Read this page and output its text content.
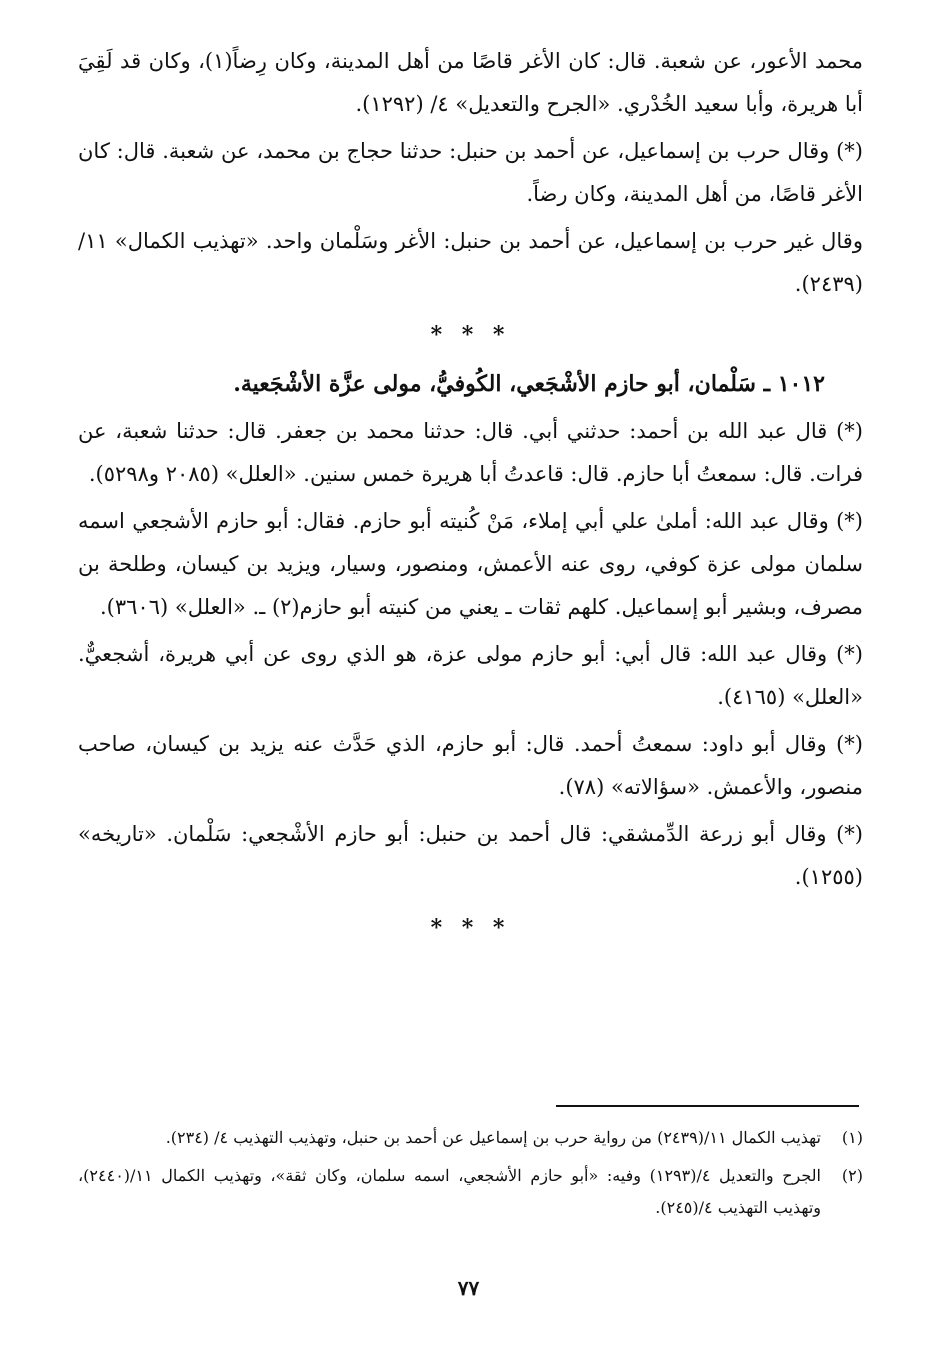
محمد الأعور، عن شعبة. قال: كان الأغر قاصًا من أهل المدينة، وكان رِضاً(١)، وكان قد لَقِيَ أبا هريرة، وأبا سعيد الخُدْري. «الجرح والتعديل» ٤/ (١٢٩٢).

(*) وقال حرب بن إسماعيل، عن أحمد بن حنبل: حدثنا حجاج بن محمد، عن شعبة. قال: كان الأغر قاصًا، من أهل المدينة، وكان رضاً.

وقال غير حرب بن إسماعيل، عن أحمد بن حنبل: الأغر وسَلْمان واحد. «تهذيب الكمال» ١١/ (٢٤٣٩).

* * *
١٠١٢ ـ سَلْمان، أبو حازم الأشْجَعي، الكُوفيُّ، مولى عزَّة الأشْجَعية.

(*) قال عبد الله بن أحمد: حدثني أبي. قال: حدثنا محمد بن جعفر. قال: حدثنا شعبة، عن فرات. قال: سمعتُ أبا حازم. قال: قاعدتُ أبا هريرة خمس سنين. «العلل» (٢٠٨٥ و٥٢٩٨).

(*) وقال عبد الله: أملىٰ علي أبي إملاء، مَنْ كُنيته أبو حازم. فقال: أبو حازم الأشجعي اسمه سلمان مولى عزة كوفي، روى عنه الأعمش، ومنصور، وسيار، ويزيد بن كيسان، وطلحة بن مصرف، وبشير أبو إسماعيل. كلهم ثقات ـ يعني من كنيته أبو حازم(٢) ـ. «العلل» (٣٦٠٦).

(*) وقال عبد الله: قال أبي: أبو حازم مولى عزة، هو الذي روى عن أبي هريرة، أشجعيٌّ. «العلل» (٤١٦٥).

(*) وقال أبو داود: سمعتُ أحمد. قال: أبو حازم، الذي حَدَّث عنه يزيد بن كيسان، صاحب منصور، والأعمش. «سؤالاته» (٧٨).

(*) وقال أبو زرعة الدِّمشقي: قال أحمد بن حنبل: أبو حازم الأشْجعي: سَلْمان. «تاريخه» (١٢٥٥).

* * *
(١)
تهذيب الكمال ١١/(٢٤٣٩) من رواية حرب بن إسماعيل عن أحمد بن حنبل، وتهذيب التهذيب ٤/ (٢٣٤).
(٢)
الجرح والتعديل ٤/(١٢٩٣) وفيه: «أبو حازم الأشجعي، اسمه سلمان، وكان ثقة»، وتهذيب الكمال ١١/(٢٤٤٠)، وتهذيب التهذيب ٤/(٢٤٥).
٧٧
